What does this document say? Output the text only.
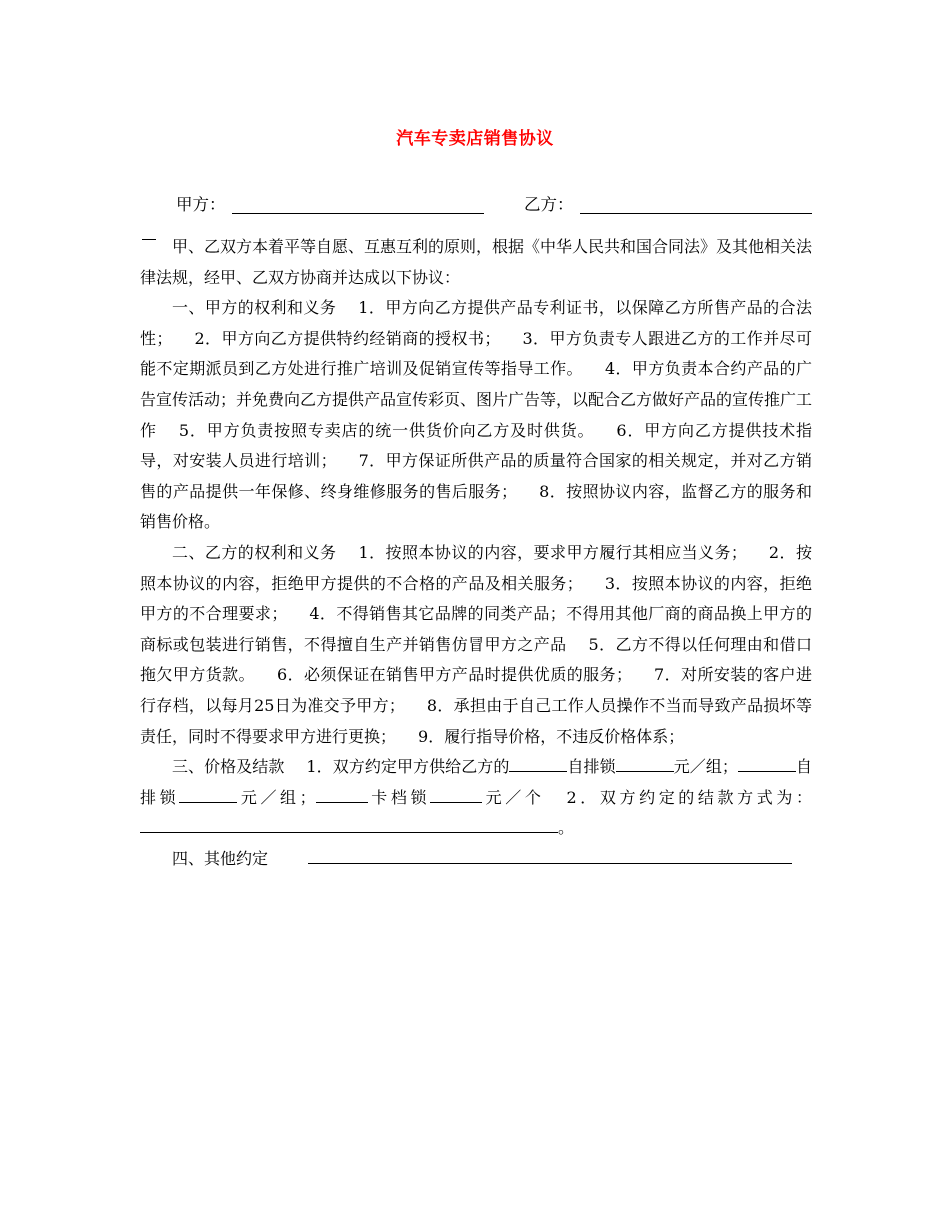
汽车专卖店销售协议
甲方：	乙方：

甲、乙双方本着平等自愿、互惠互利的原则，根据《中华人民共和国合同法》及其他相关法律法规，经甲、乙双方协商并达成以下协议：

一、甲方的权利和义务 1．甲方向乙方提供产品专利证书，以保障乙方所售产品的合法性； 2．甲方向乙方提供特约经销商的授权书； 3．甲方负责专人跟进乙方的工作并尽可能不定期派员到乙方处进行推广培训及促销宣传等指导工作。 4．甲方负责本合约产品的广告宣传活动；并免费向乙方提供产品宣传彩页、图片广告等，以配合乙方做好产品的宣传推广工作 5．甲方负责按照专卖店的统一供货价向乙方及时供货。 6．甲方向乙方提供技术指导，对安装人员进行培训； 7．甲方保证所供产品的质量符合国家的相关规定，并对乙方销售的产品提供一年保修、终身维修服务的售后服务； 8．按照协议内容，监督乙方的服务和销售价格。

二、乙方的权利和义务 1．按照本协议的内容，要求甲方履行其相应当义务； 2．按照本协议的内容，拒绝甲方提供的不合格的产品及相关服务； 3．按照本协议的内容，拒绝甲方的不合理要求； 4．不得销售其它品牌的同类产品；不得用其他厂商的商品换上甲方的商标或包装进行销售，不得擅自生产并销售仿冒甲方之产品 5．乙方不得以任何理由和借口拖欠甲方货款。 6．必须保证在销售甲方产品时提供优质的服务； 7．对所安装的客户进行存档，以每月25日为准交予甲方； 8．承担由于自己工作人员操作不当而导致产品损坏等责任，同时不得要求甲方进行更换； 9．履行指导价格，不违反价格体系；

三、价格及结款 1．双方约定甲方供给乙方的	自排锁	元／组；	自排锁	元／组；	卡档锁	元／个 2．双方约定的结款方式为：。

四、其他约定
